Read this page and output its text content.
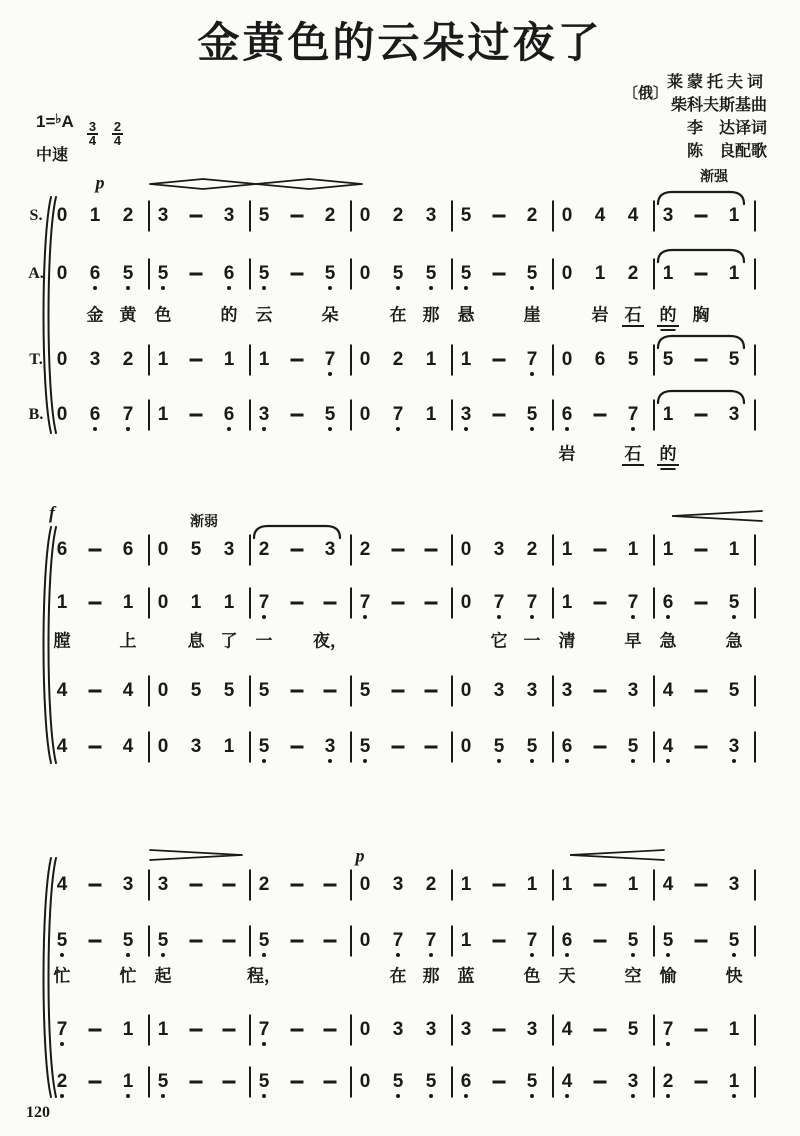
金黄色的云朵过夜了
〔俄〕
莱蒙托夫词
柴科夫斯基曲
李　达译词
陈　良配歌
$1=^♭A \frac{3}{4}$
$\frac{2}{4}$
中速
S.
A.
T.
B.
0 1 2 3	3 5	2 0 2 3 5	2 0 4 4 3	1
0 6 5 5	6 5	5 0 5 5 5	5 0 1 2 1	1
0 3 2 1	1 1	7 0 2 1 1	7 0 6 5 5	5
0 6 7 1	6 3	5 0 7 1 3	5 6	7 1	3
p	渐强
金 黄 色	的 云	朵	在 那 悬	崖	岩 石 的 胸
岩	石 的
6	6 0 5 3 2	3 2	0 3 2 1	1 1	1
1	1 0 1 1 7	7	0 7 7 1	7 6	5
4	4 0 5 5 5	5	0 3 3 3	3 4	5
4	4 0 3 1 5	3 5	0 5 5 6	5 4	3
f	渐弱
膛	上	息 了 一 夜，	它 一 清	早 急	急
4	3 3	2	0 3 2 1	1 1	1 4	3
5	5 5	5	0 7 7 1	7 6	5 5	5
7	1 1	7	0 3 3 3	3 4	5 7	1
2	1 5	5	0 5 5 6	5 4	3 2	1
p
忙	忙 起	程，	在 那 蓝	色 天	空 愉	快
120
